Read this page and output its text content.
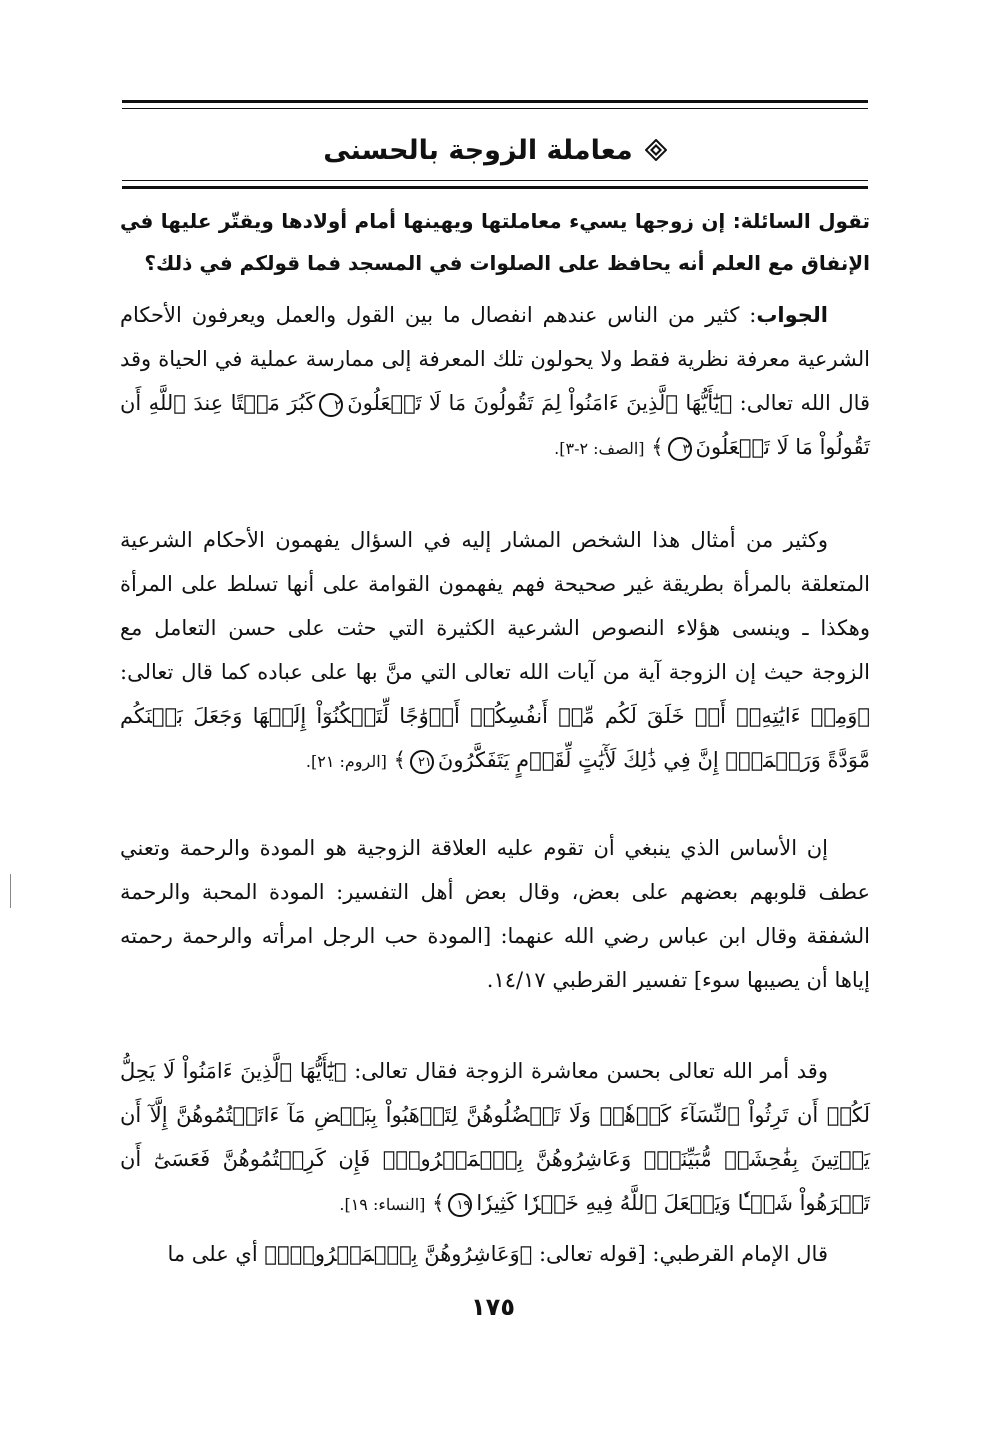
معاملة الزوجة بالحسنى

تقول السائلة: إن زوجها يسيء معاملتها ويهينها أمام أولادها ويقتّر عليها في الإنفاق مع العلم أنه يحافظ على الصلوات في المسجد فما قولكم في ذلك؟

الجواب: كثير من الناس عندهم انفصال ما بين القول والعمل ويعرفون الأحكام الشرعية معرفة نظرية فقط ولا يحولون تلك المعرفة إلى ممارسة عملية في الحياة وقد قال الله تعالى: ﴿يَٰٓأَيُّهَا ٱلَّذِينَ ءَامَنُواْ لِمَ تَقُولُونَ مَا لَا تَفۡعَلُونَ٢كَبُرَ مَقۡتًا عِندَ ٱللَّهِ أَن تَقُولُواْ مَا لَا تَفۡعَلُونَ٣﴾ [الصف: ٢-٣].

وكثير من أمثال هذا الشخص المشار إليه في السؤال يفهمون الأحكام الشرعية المتعلقة بالمرأة بطريقة غير صحيحة فهم يفهمون القوامة على أنها تسلط على المرأة وهكذا ـ وينسى هؤلاء النصوص الشرعية الكثيرة التي حثت على حسن التعامل مع الزوجة حيث إن الزوجة آية من آيات الله تعالى التي منَّ بها على عباده كما قال تعالى: ﴿وَمِنۡ ءَايَٰتِهِۦٓ أَنۡ خَلَقَ لَكُم مِّنۡ أَنفُسِكُمۡ أَزۡوَٰجًا لِّتَسۡكُنُوٓاْ إِلَيۡهَا وَجَعَلَ بَيۡنَكُم مَّوَدَّةً وَرَحۡمَةًۚ إِنَّ فِي ذَٰلِكَ لَأٓيَٰتٍ لِّقَوۡمٍ يَتَفَكَّرُونَ٢١﴾ [الروم: ٢١].

إن الأساس الذي ينبغي أن تقوم عليه العلاقة الزوجية هو المودة والرحمة وتعني عطف قلوبهم بعضهم على بعض، وقال بعض أهل التفسير: المودة المحبة والرحمة الشفقة وقال ابن عباس رضي الله عنهما: [المودة حب الرجل امرأته والرحمة رحمته إياها أن يصيبها سوء] تفسير القرطبي ١٤/١٧.

وقد أمر الله تعالى بحسن معاشرة الزوجة فقال تعالى: ﴿يَٰٓأَيُّهَا ٱلَّذِينَ ءَامَنُواْ لَا يَحِلُّ لَكُمۡ أَن تَرِثُواْ ٱلنِّسَآءَ كَرۡهٗاۖ وَلَا تَعۡضُلُوهُنَّ لِتَذۡهَبُواْ بِبَعۡضِ مَآ ءَاتَيۡتُمُوهُنَّ إِلَّآ أَن يَأۡتِينَ بِفَٰحِشَةٖ مُّبَيِّنَةٖۚ وَعَاشِرُوهُنَّ بِٱلۡمَعۡرُوفِۚ فَإِن كَرِهۡتُمُوهُنَّ فَعَسَىٰٓ أَن تَكۡرَهُواْ شَيۡـٔٗا وَيَجۡعَلَ ٱللَّهُ فِيهِ خَيۡرٗا كَثِيرٗا١٩﴾ [النساء: ١٩].

قال الإمام القرطبي: [قوله تعالى: ﴿وَعَاشِرُوهُنَّ بِٱلۡمَعۡرُوفِۚ﴾ أي على ما

١٧٥
